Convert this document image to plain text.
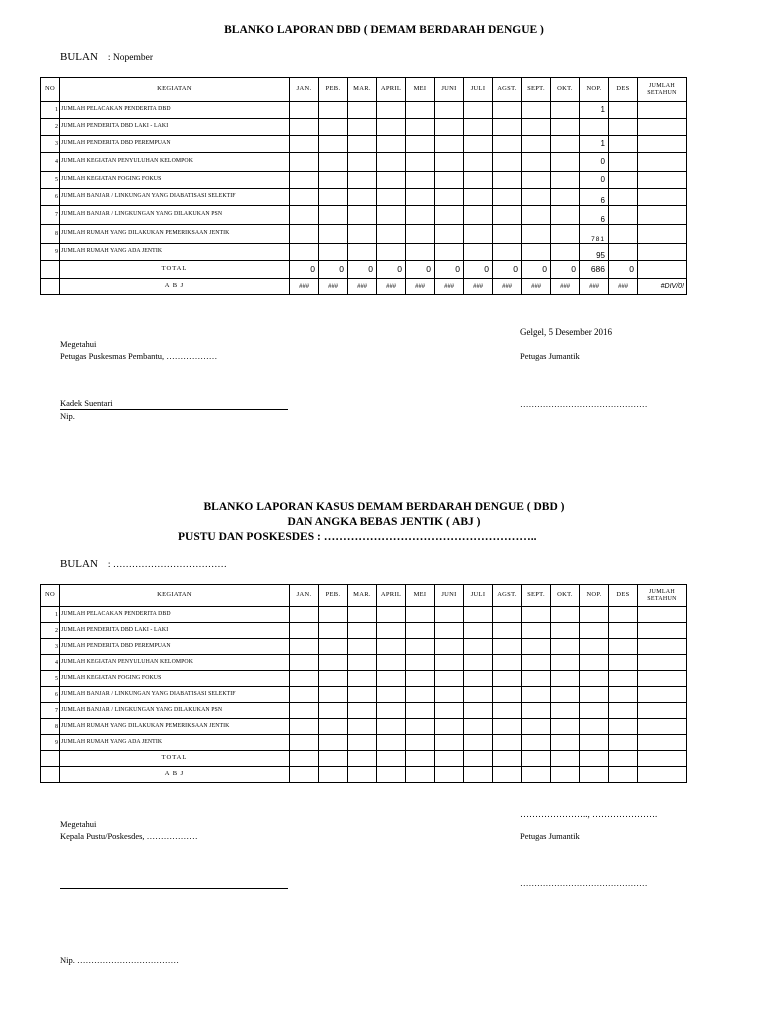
BLANKO LAPORAN DBD ( DEMAM BERDARAH DENGUE )
BULAN : Nopember
NO	KEGIATAN	JAN.	PEB.	MAR.	APRIL	MEI	JUNI	JULI	AGST.	SEPT.	OKT.	NOP.	DES	JUMLAH SETAHUN
1	JUMLAH PELACAKAN PENDERITA DBD											1		
2	JUMLAH PENDERITA DBD LAKI - LAKI													
3	JUMLAH PENDERITA DBD PEREMPUAN											1		
4	JUMLAH KEGIATAN PENYULUHAN KELOMPOK											0		
5	JUMLAH KEGIATAN FOGING FOKUS											0		
6	JUMLAH BANJAR / LINKUNGAN YANG DIABATISASI SELEKTIF											6		
7	JUMLAH BANJAR / LINGKUNGAN YANG DILAKUKAN PSN											6		
8	JUMLAH RUMAH YANG DILAKUKAN PEMERIKSAAN JENTIK											781		
9	JUMLAH RUMAH YANG ADA JENTIK											95		
	TOTAL	0	0	0	0	0	0	0	0	0	0	686	0	
	A B J	###	###	###	###	###	###	###	###	###	###	###	###	#DIV/0!
Gelgel, 5 Desember 2016
Megetahui
Petugas Puskesmas Pembantu, ………………	Petugas Jumantik
Kadek Suentari	………………………………………
Nip.
BLANKO LAPORAN KASUS DEMAM BERDARAH DENGUE ( DBD )
DAN ANGKA BEBAS JENTIK ( ABJ )
PUSTU DAN POSKESDES : ………………………………………………..
BULAN : ………………………………
NO	KEGIATAN	JAN.	PEB.	MAR.	APRIL	MEI	JUNI	JULI	AGST.	SEPT.	OKT.	NOP.	DES	JUMLAH SETAHUN
1	JUMLAH PELACAKAN PENDERITA DBD													
2	JUMLAH PENDERITA DBD LAKI - LAKI													
3	JUMLAH PENDERITA DBD PEREMPUAN													
4	JUMLAH KEGIATAN PENYULUHAN KELOMPOK													
5	JUMLAH KEGIATAN FOGING FOKUS													
6	JUMLAH BANJAR / LINKUNGAN YANG DIABATISASI SELEKTIF													
7	JUMLAH BANJAR / LINGKUNGAN YANG DILAKUKAN PSN													
8	JUMLAH RUMAH YANG DILAKUKAN PEMERIKSAAN JENTIK													
9	JUMLAH RUMAH YANG ADA JENTIK													
	TOTAL													
	A B J													
………………….., ………………….
Megetahui
Kepala Pustu/Poskesdes, ………………	Petugas Jumantik
………………………………………
Nip. ………………………………
